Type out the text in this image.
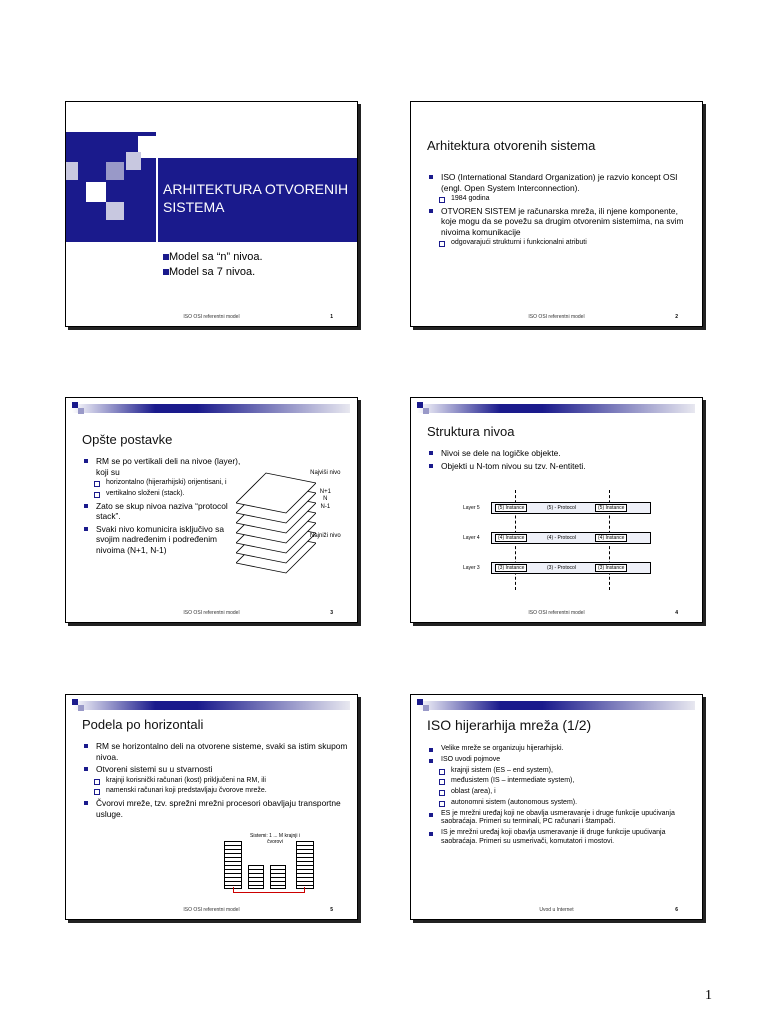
ARHITEKTURA OTVORENIH SISTEMA
Model sa “n” nivoa.
Model sa 7 nivoa.
ISO OSI referentni model	1
Arhitektura otvorenih sistema
ISO (International Standard Organization) je razvio koncept OSI (engl. Open System Interconnection).
1984 godina
OTVOREN SISTEM je računarska mreža, ili njene komponente, koje mogu da se povežu sa drugim otvorenim sistemima, na svim nivoima komunikacije
odgovarajući strukturni i funkcionalni atributi
ISO OSI referentni model	2
Opšte postavke
RM se po vertikali deli na nivoe (layer), koji su
horizontalno (hijerarhijski) orijentisani, i
vertikalno složeni (stack).
Zato se skup nivoa naziva “protocol stack”.
Svaki nivo komunicira isključivo sa svojim nadređenim i podređenim nivoima (N+1, N-1)
Najviši nivo
N+1
N
N-1
Najniži nivo
ISO OSI referentni model	3
Struktura nivoa
Nivoi se dele na logičke objekte.
Objekti u N-tom nivou su tzv. N-entiteti.
Layer 5	(5) Instance	(5) - Protocol	(5) Instance
Layer 4	(4) Instance	(4) - Protocol	(4) Instance
Layer 3	(3) Instance	(3) - Protocol	(3) Instance
ISO OSI referentni model	4
Podela po horizontali
RM se horizontalno deli na otvorene sisteme, svaki sa istim skupom nivoa.
Otvoreni sistemi su u stvarnosti
krajnji korisnički računari (kost) priključeni na RM, ili
namenski računari koji predstavljaju čvorove mreže.
Čvorovi mreže, tzv. sprežni mrežni procesori obavljaju transportne usluge.
Sistemi: 1 ... M krajnji i čvorovi
ISO OSI referentni model	5
ISO hijerarhija mreža (1/2)
Velike mreže se organizuju hijerarhijski.
ISO uvodi pojmove
krajnji sistem (ES – end system),
međusistem (IS – intermediate system),
oblast (area), i
autonomni sistem (autonomous system).
ES je mrežni uređaj koji ne obavlja usmeravanje i druge funkcije upućivanja saobraćaja. Primeri su terminali, PC računari i štampači.
IS je mrežni uređaj koji obavlja usmeravanje ili druge funkcije upućivanja saobraćaja. Primeri su usmerivači, komutatori i mostovi.
Uvod u Internet	6
1
